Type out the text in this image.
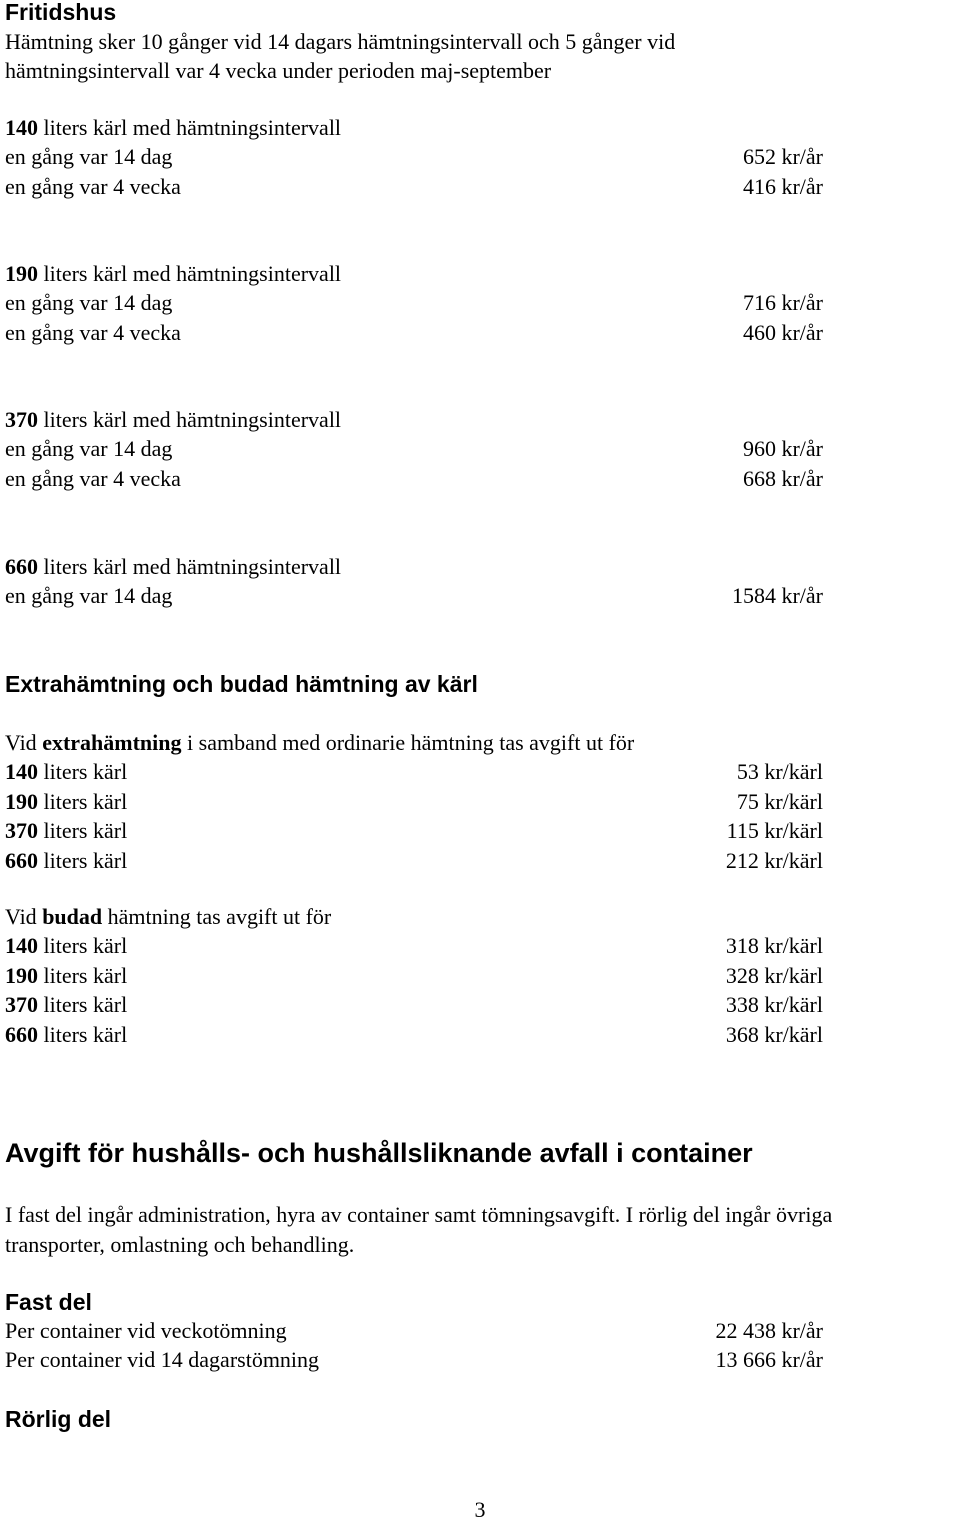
Fritidshus
Hämtning sker 10 gånger vid 14 dagars hämtningsintervall och 5 gånger vid
hämtningsintervall var 4 vecka under perioden maj-september
140 liters kärl med hämtningsintervall
en gång var 14 dag	652 kr/år
en gång var 4 vecka	416 kr/år
190 liters kärl med hämtningsintervall
en gång var 14 dag	716 kr/år
en gång var 4 vecka	460 kr/år
370 liters kärl med hämtningsintervall
en gång var 14 dag	960 kr/år
en gång var 4 vecka	668 kr/år
660 liters kärl med hämtningsintervall
en gång var 14 dag	1584 kr/år
Extrahämtning och budad hämtning av kärl
Vid extrahämtning i samband med ordinarie hämtning tas avgift ut för
140 liters kärl	53 kr/kärl
190 liters kärl	75 kr/kärl
370 liters kärl	115 kr/kärl
660 liters kärl	212 kr/kärl
Vid budad hämtning tas avgift ut för
140 liters kärl	318 kr/kärl
190 liters kärl	328 kr/kärl
370 liters kärl	338 kr/kärl
660 liters kärl	368 kr/kärl
Avgift för hushålls- och hushållsliknande avfall i container
I fast del ingår administration, hyra av container samt tömningsavgift. I rörlig del ingår övriga
transporter, omlastning och behandling.
Fast del
Per container vid veckotömning	22 438 kr/år
Per container vid 14 dagarstömning	13 666 kr/år
Rörlig del
3
